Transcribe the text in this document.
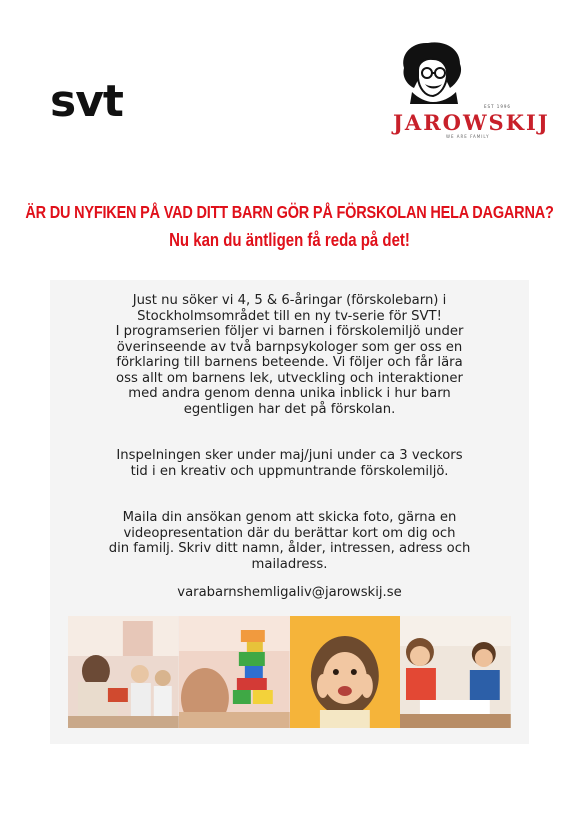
svt	EST 1996
JAROWSKIJ
WE ARE FAMILY
ÄR DU NYFIKEN PÅ VAD DITT BARN GÖR PÅ FÖRSKOLAN HELA DAGARNA?
Nu kan du äntligen få reda på det!
Just nu söker vi 4, 5 & 6-åringar (förskolebarn) i
Stockholmsområdet till en ny tv-serie för SVT!
I programserien följer vi barnen i förskolemiljö under
överinseende av två barnpsykologer som ger oss en
förklaring till barnens beteende. Vi följer och får lära
oss allt om barnens lek, utveckling och interaktioner
med andra genom denna unika inblick i hur barn
egentligen har det på förskolan.
Inspelningen sker under maj/juni under ca 3 veckors
tid i en kreativ och uppmuntrande förskolemiljö.
Maila din ansökan genom att skicka foto, gärna en
videopresentation där du berättar kort om dig och
din familj. Skriv ditt namn, ålder, intressen, adress och
mailadress.
varabarnshemligaliv@jarowskij.se
